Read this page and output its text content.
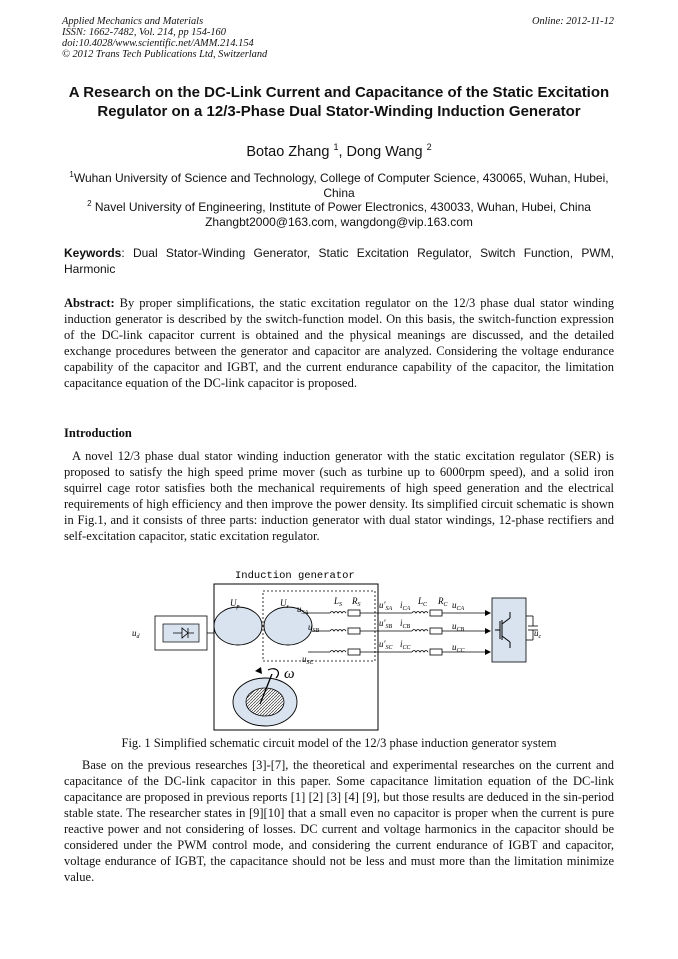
Applied Mechanics and Materials
ISSN: 1662-7482, Vol. 214, pp 154-160
doi:10.4028/www.scientific.net/AMM.214.154
© 2012 Trans Tech Publications Ltd, Switzerland
Online: 2012-11-12
A Research on the DC-Link Current and Capacitance of the Static Excitation Regulator on a 12/3-Phase Dual Stator-Winding Induction Generator
Botao Zhang $^1$, Dong Wang $^2$
$^1$Wuhan University of Science and Technology, College of Computer Science, 430065, Wuhan, Hubei, China
$^2$ Navel University of Engineering, Institute of Power Electronics, 430033, Wuhan, Hubei, China
Zhangbt2000@163.com, wangdong@vip.163.com
Keywords: Dual Stator-Winding Generator, Static Excitation Regulator, Switch Function, PWM, Harmonic
Abstract: By proper simplifications, the static excitation regulator on the 12/3 phase dual stator winding induction generator is described by the switch-function model. On this basis, the switch-function expression of the DC-link capacitor current is obtained and the physical meanings are discussed, and the detailed exchange procedures between the generator and capacitor are analyzed. Considering the voltage endurance capability of the capacitor and IGBT, and the current endurance capability of the capacitor, the limitation capacitance equation of the DC-link capacitor is proposed.
Introduction
A novel 12/3 phase dual stator winding induction generator with the static excitation regulator (SER) is proposed to satisfy the high speed prime mover (such as turbine up to 6000rpm speed), and a solid iron squirrel cage rotor satisfies both the mechanical requirements of high speed generation and the electrical requirements of high efficiency and then improve the power density. Its simplified circuit schematic is shown in Fig.1, and it consists of three parts: induction generator with dual stator windings, 12-phase rectifiers and self-excitation capacitor, static excitation regulator.
Induction generator
$u_d$
$U_p$	$U_s$ $u_{SA}$
$u_{SB}$
$u_{SC}$
$L_S$ $R_S$ $u'_{SA}$
$u'_{SB}$
$u'_{SC}$
$i_{CA}$
$i_{CB}$
$i_{CC}$
$L_C$ $R_C$ $u_{CA}$
$u_{CB}$
$u_{CC}$
$u_c$
ω
Fig. 1 Simplified schematic circuit model of the 12/3 phase induction generator system
Base on the previous researches [3]-[7], the theoretical and experimental researches on the current and capacitance of the DC-link capacitor in this paper. Some capacitance limitation equation of the DC-link capacitance are proposed in previous reports [1] [2] [3] [4] [9], but those results are deduced in the sin-period stable state. The researcher states in [9][10] that a small even no capacitor is proper when the current is pure reactive power and not considering of losses. DC current and voltage harmonics in the capacitor should be considered under the PWM control mode, and considering the current endurance of IGBT and capacitor, voltage endurance of IGBT, the capacitance should not be less and must more than the limitation minimize value.
